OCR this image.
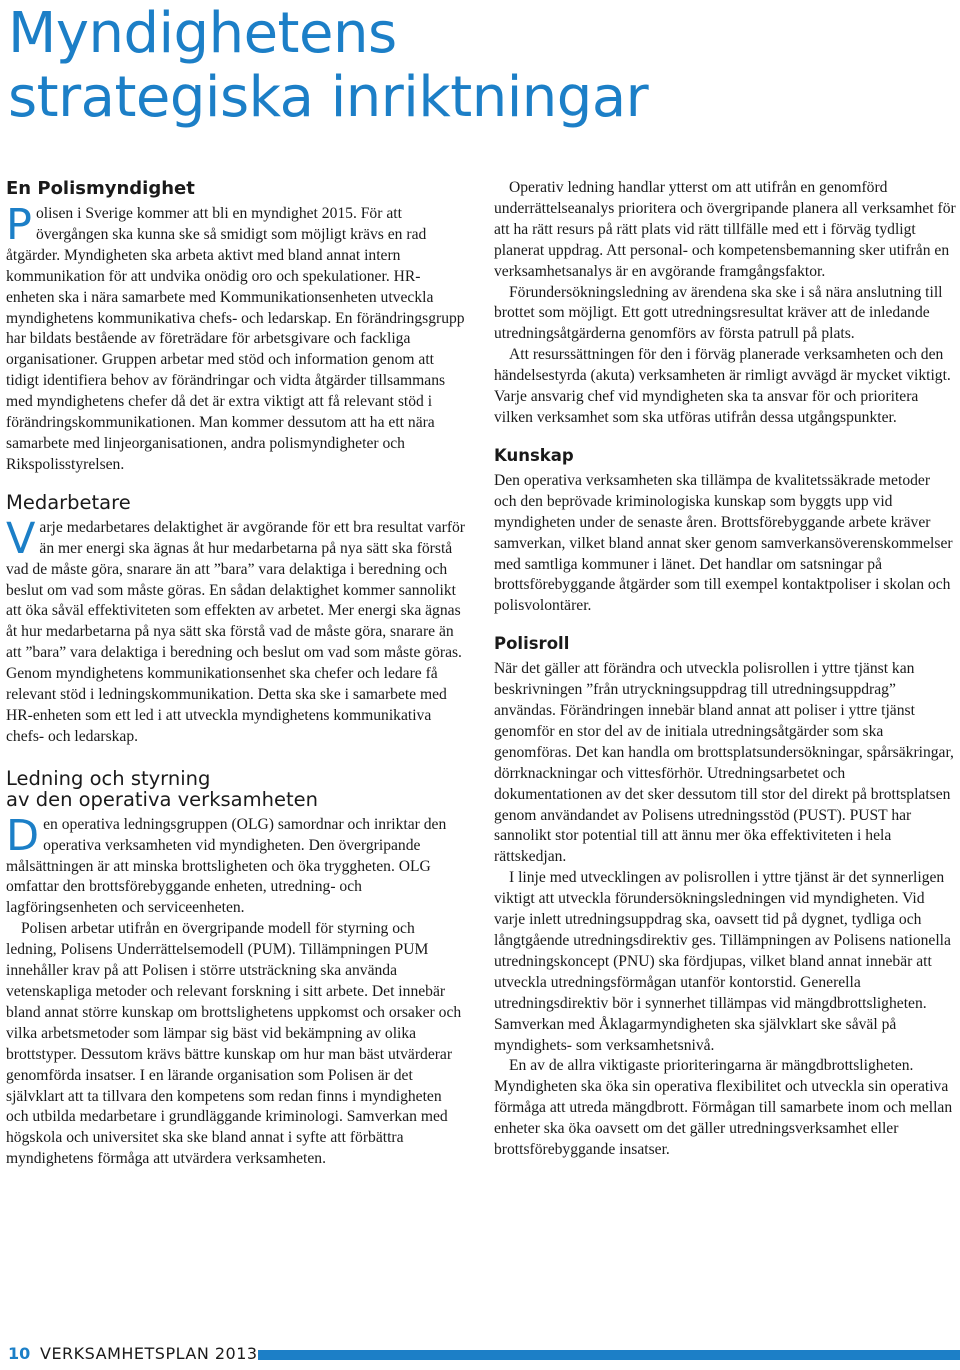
Myndighetens
strategiska inriktningar
En Polismyndighet

Polisen i Sverige kommer att bli en myndighet 2015. För att övergången ska kunna ske så smidigt som möjligt krävs en rad åtgärder. Myndigheten ska arbeta aktivt med bland annat intern kommunikation för att undvika onödig oro och spekulationer. HR-enheten ska i nära samarbete med Kommunikationsenheten utveckla myndighetens kommunikativa chefs- och ledarskap. En förändringsgrupp har bildats bestående av företrädare för arbetsgivare och fackliga organisationer. Gruppen arbetar med stöd och information genom att tidigt identifiera behov av förändringar och vidta åtgärder tillsammans med myndighetens chefer då det är extra viktigt att få relevant stöd i förändringskommunikationen. Man kommer dessutom att ha ett nära samarbete med linjeorganisationen, andra polismyndigheter och Rikspolisstyrelsen.

Medarbetare

Varje medarbetares delaktighet är avgörande för ett bra resultat varför än mer energi ska ägnas åt hur medarbetarna på nya sätt ska förstå vad de måste göra, snarare än att ”bara” vara delaktiga i beredning och beslut om vad som måste göras. En sådan delaktighet kommer sannolikt att öka såväl effektiviteten som effekten av arbetet. Mer energi ska ägnas åt hur medarbetarna på nya sätt ska förstå vad de måste göra, snarare än att ”bara” vara delaktiga i beredning och beslut om vad som måste göras. Genom myndighetens kommunikationsenhet ska chefer och ledare få relevant stöd i ledningskommunikation. Detta ska ske i samarbete med HR-enheten som ett led i att utveckla myndighetens kommunikativa chefs- och ledarskap.

Ledning och styrning
av den operativa verksamheten

Den operativa ledningsgruppen (OLG) samordnar och inriktar den operativa verksamheten vid myndigheten. Den övergripande målsättningen är att minska brottsligheten och öka tryggheten. OLG omfattar den brottsförebyggande enheten, utredning- och lagföringsenheten och serviceenheten.

Polisen arbetar utifrån en övergripande modell för styrning och ledning, Polisens Underrättelsemodell (PUM). Tillämpningen PUM innehåller krav på att Polisen i större utsträckning ska använda vetenskapliga metoder och relevant forskning i sitt arbete. Det innebär bland annat större kunskap om brottslighetens uppkomst och orsaker och vilka arbetsmetoder som lämpar sig bäst vid bekämpning av olika brottstyper. Dessutom krävs bättre kunskap om hur man bäst utvärderar genomförda insatser. I en lärande organisation som Polisen är det självklart att ta tillvara den kompetens som redan finns i myndigheten och utbilda medarbetare i grundläggande kriminologi. Samverkan med högskola och universitet ska ske bland annat i syfte att förbättra myndighetens förmåga att utvärdera verksamheten.

Operativ ledning handlar ytterst om att utifrån en genomförd underrättelseanalys prioritera och övergripande planera all verksamhet för att ha rätt resurs på rätt plats vid rätt tillfälle med ett i förväg tydligt planerat uppdrag. Att personal- och kompetensbemanning sker utifrån en verksamhetsanalys är en avgörande framgångsfaktor.

Förundersökningsledning av ärendena ska ske i så nära anslutning till brottet som möjligt. Ett gott utredningsresultat kräver att de inledande utredningsåtgärderna genomförs av första patrull på plats.

Att resurssättningen för den i förväg planerade verksamheten och den händelsestyrda (akuta) verksamheten är rimligt avvägd är mycket viktigt. Varje ansvarig chef vid myndigheten ska ta ansvar för och prioritera vilken verksamhet som ska utföras utifrån dessa utgångspunkter.

Kunskap

Den operativa verksamheten ska tillämpa de kvalitetssäkrade metoder och den beprövade kriminologiska kunskap som byggts upp vid myndigheten under de senaste åren. Brottsförebyggande arbete kräver samverkan, vilket bland annat sker genom samverkansöverenskommelser med samtliga kommuner i länet. Det handlar om satsningar på brottsförebyggande åtgärder som till exempel kontaktpoliser i skolan och polisvolontärer.

Polisroll

När det gäller att förändra och utveckla polisrollen i yttre tjänst kan beskrivningen ”från utryckningsuppdrag till utredningsuppdrag” användas. Förändringen innebär bland annat att poliser i yttre tjänst genomför en stor del av de initiala utredningsåtgärder som ska genomföras. Det kan handla om brottsplatsundersökningar, spårsäkringar, dörrknackningar och vittesförhör. Utredningsarbetet och dokumentationen av det sker dessutom till stor del direkt på brottsplatsen genom användandet av Polisens utredningsstöd (PUST). PUST har sannolikt stor potential till att ännu mer öka effektiviteten i hela rättskedjan.

I linje med utvecklingen av polisrollen i yttre tjänst är det synnerligen viktigt att utveckla förundersökningsledningen vid myndigheten. Vid varje inlett utredningsuppdrag ska, oavsett tid på dygnet, tydliga och långtgående utredningsdirektiv ges. Tillämpningen av Polisens nationella utredningskoncept (PNU) ska fördjupas, vilket bland annat innebär att utveckla utredningsförmågan utanför kontorstid. Generella utredningsdirektiv bör i synnerhet tillämpas vid mängdbrottsligheten. Samverkan med Åklagarmyndigheten ska självklart ske såväl på myndighets- som verksamhetsnivå.

En av de allra viktigaste prioriteringarna är mängdbrottsligheten. Myndigheten ska öka sin operativa flexibilitet och utveckla sin operativa förmåga att utreda mängdbrott. Förmågan till samarbete inom och mellan enheter ska öka oavsett om det gäller utredningsverksamhet eller brottsförebyggande insatser.

10 VERKSAMHETSPLAN 2013
